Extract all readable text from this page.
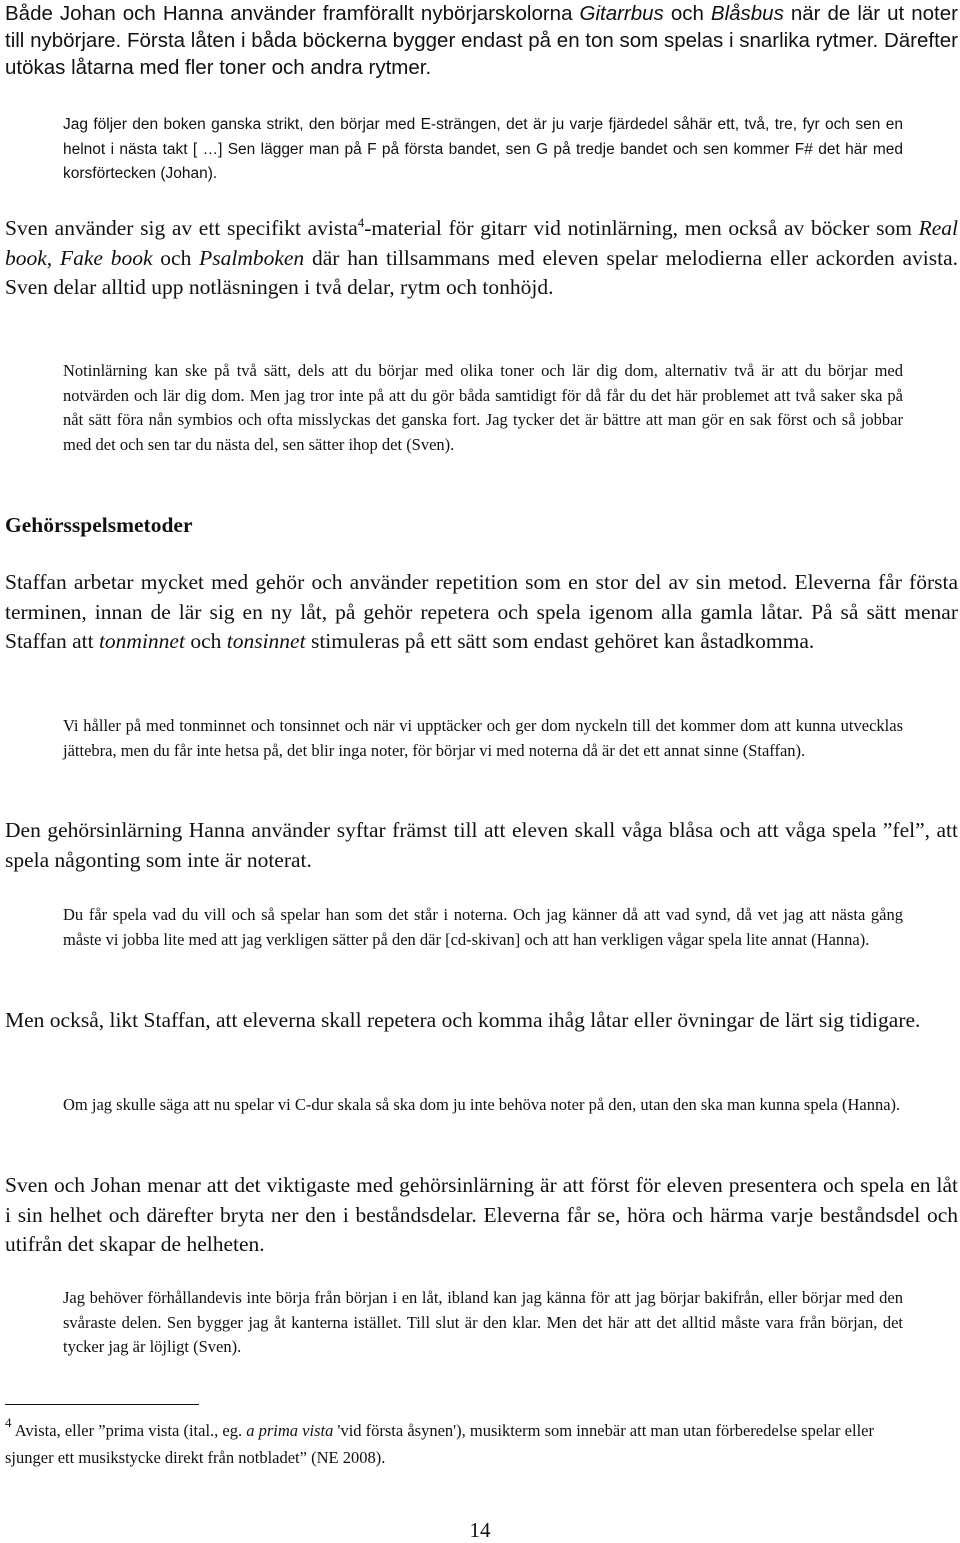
Både Johan och Hanna använder framförallt nybörjarskolorna Gitarrbus och Blåsbus när de lär ut noter till nybörjare. Första låten i båda böckerna bygger endast på en ton som spelas i snarlika rytmer. Därefter utökas låtarna med fler toner och andra rytmer.

Jag följer den boken ganska strikt, den börjar med E-strängen, det är ju varje fjärdedel såhär ett, två, tre, fyr och sen en helnot i nästa takt [ …] Sen lägger man på F på första bandet, sen G på tredje bandet och sen kommer F# det här med korsförtecken (Johan).

Sven använder sig av ett specifikt avista$^4$-material för gitarr vid notinlärning, men också av böcker som Real book, Fake book och Psalmboken där han tillsammans med eleven spelar melodierna eller ackorden avista. Sven delar alltid upp notläsningen i två delar, rytm och tonhöjd.

Notinlärning kan ske på två sätt, dels att du börjar med olika toner och lär dig dom, alternativ två är att du börjar med notvärden och lär dig dom. Men jag tror inte på att du gör båda samtidigt för då får du det här problemet att två saker ska på nåt sätt föra nån symbios och ofta misslyckas det ganska fort. Jag tycker det är bättre att man gör en sak först och så jobbar med det och sen tar du nästa del, sen sätter ihop det (Sven).

Gehörsspelsmetoder

Staffan arbetar mycket med gehör och använder repetition som en stor del av sin metod. Eleverna får första terminen, innan de lär sig en ny låt, på gehör repetera och spela igenom alla gamla låtar. På så sätt menar Staffan att tonminnet och tonsinnet stimuleras på ett sätt som endast gehöret kan åstadkomma.

Vi håller på med tonminnet och tonsinnet och när vi upptäcker och ger dom nyckeln till det kommer dom att kunna utvecklas jättebra, men du får inte hetsa på, det blir inga noter, för börjar vi med noterna då är det ett annat sinne (Staffan).

Den gehörsinlärning Hanna använder syftar främst till att eleven skall våga blåsa och att våga spela ”fel”, att spela någonting som inte är noterat.

Du får spela vad du vill och så spelar han som det står i noterna. Och jag känner då att vad synd, då vet jag att nästa gång måste vi jobba lite med att jag verkligen sätter på den där [cd-skivan] och att han verkligen vågar spela lite annat (Hanna).

Men också, likt Staffan, att eleverna skall repetera och komma ihåg låtar eller övningar de lärt sig tidigare.

Om jag skulle säga att nu spelar vi C-dur skala så ska dom ju inte behöva noter på den, utan den ska man kunna spela (Hanna).

Sven och Johan menar att det viktigaste med gehörsinlärning är att först för eleven presentera och spela en låt i sin helhet och därefter bryta ner den i beståndsdelar. Eleverna får se, höra och härma varje beståndsdel och utifrån det skapar de helheten.

Jag behöver förhållandevis inte börja från början i en låt, ibland kan jag känna för att jag börjar bakifrån, eller börjar med den svåraste delen. Sen bygger jag åt kanterna istället. Till slut är den klar. Men det här att det alltid måste vara från början, det tycker jag är löjligt (Sven).

$^4$ Avista, eller ”prima vista (ital., eg. a prima vista 'vid första åsynen'), musikterm som innebär att man utan förberedelse spelar eller sjunger ett musikstycke direkt från notbladet” (NE 2008).

14
